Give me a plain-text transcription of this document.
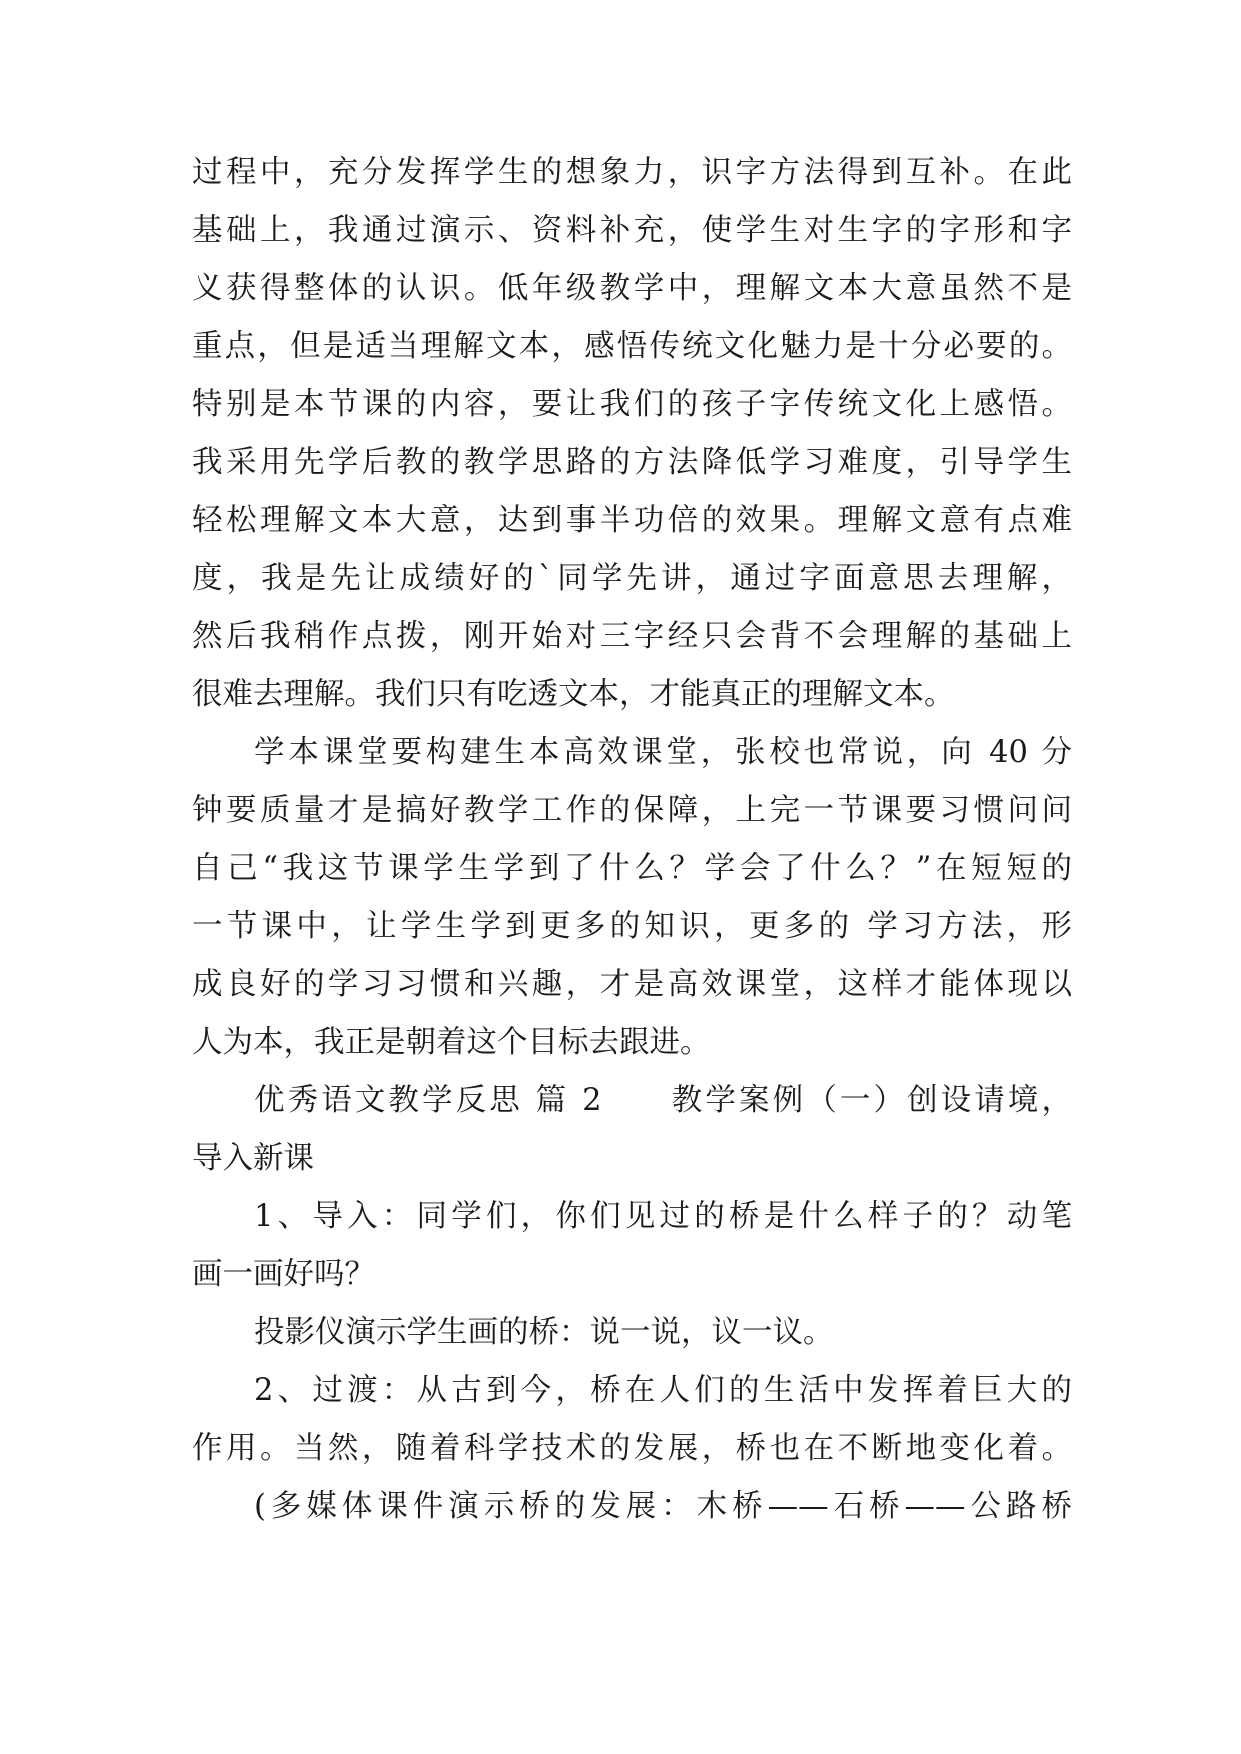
过程中，充分发挥学生的想象力，识字方法得到互补。在此
基础上，我通过演示、资料补充，使学生对生字的字形和字
义获得整体的认识。低年级教学中，理解文本大意虽然不是
重点，但是适当理解文本，感悟传统文化魅力是十分必要的。
特别是本节课的内容，要让我们的孩子字传统文化上感悟。
我采用先学后教的教学思路的方法降低学习难度，引导学生
轻松理解文本大意，达到事半功倍的效果。理解文意有点难
度，我是先让成绩好的`同学先讲，通过字面意思去理解，
然后我稍作点拨，刚开始对三字经只会背不会理解的基础上
很难去理解。我们只有吃透文本，才能真正的理解文本。
学本课堂要构建生本高效课堂，张校也常说，向 40 分
钟要质量才是搞好教学工作的保障，上完一节课要习惯问问
自己“我这节课学生学到了什么？学会了什么？”在短短的
一节课中，让学生学到更多的知识，更多的 学习方法，形
成良好的学习习惯和兴趣，才是高效课堂，这样才能体现以
人为本，我正是朝着这个目标去跟进。
优秀语文教学反思 篇 2　　教学案例（一）创设请境，
导入新课
1、导入：同学们，你们见过的桥是什么样子的？动笔
画一画好吗？
投影仪演示学生画的桥：说一说，议一议。
2、过渡：从古到今，桥在人们的生活中发挥着巨大的
作用。当然，随着科学技术的发展，桥也在不断地变化着。
(多媒体课件演示桥的发展：木桥——石桥——公路桥
